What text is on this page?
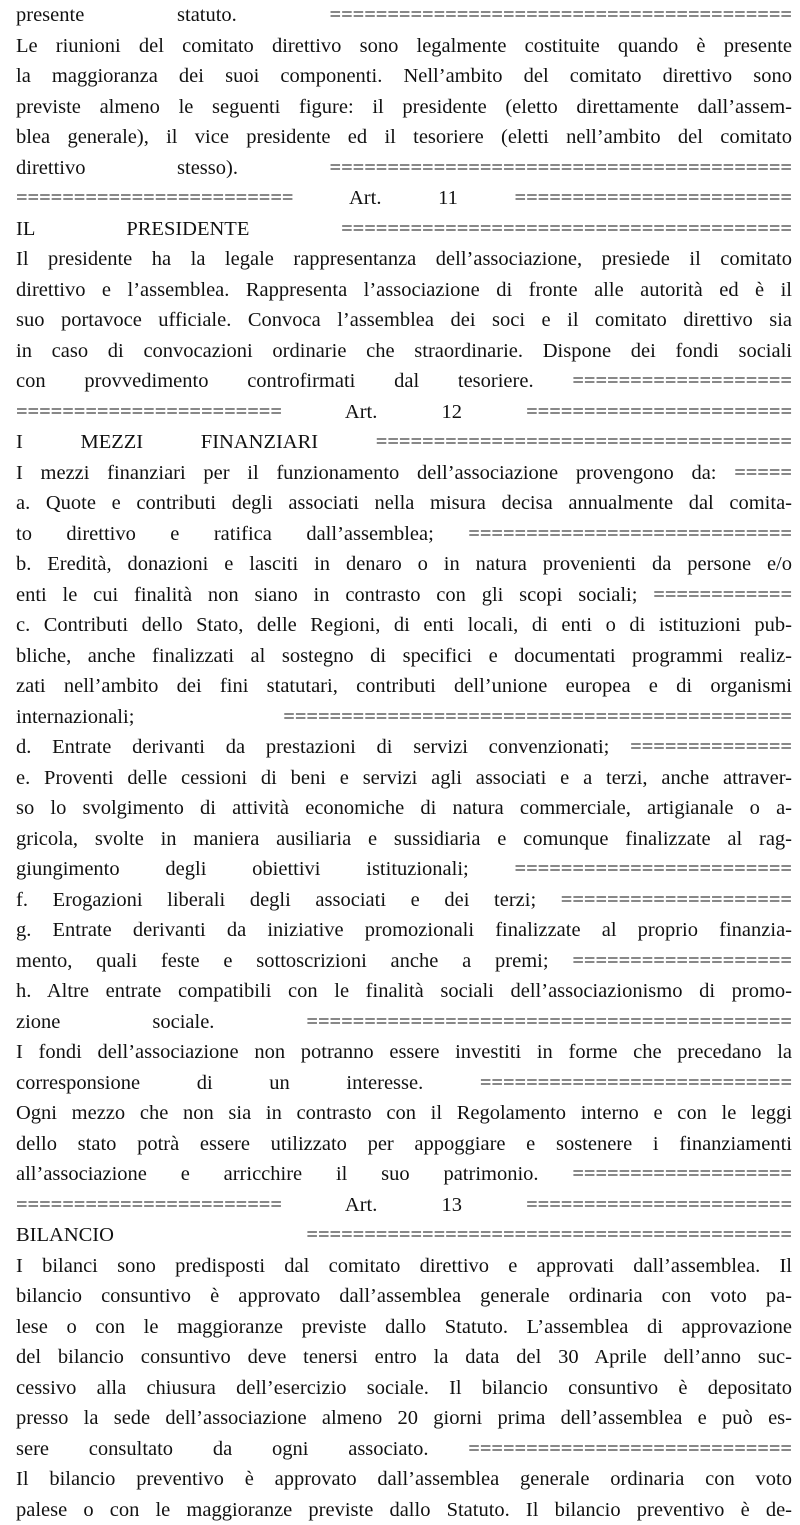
presente statuto. ========================================
Le riunioni del comitato direttivo sono legalmente costituite quando è presente
la maggioranza dei suoi componenti. Nell’ambito del comitato direttivo sono
previste almeno le seguenti figure: il presidente (eletto direttamente dall’assem-
blea generale), il vice presidente ed il tesoriere (eletti nell’ambito del comitato
direttivo stesso). ========================================
======================== Art. 11 ========================
IL PRESIDENTE =======================================
Il presidente ha la legale rappresentanza dell’associazione, presiede il comitato
direttivo e l’assemblea. Rappresenta l’associazione di fronte alle autorità ed è il
suo portavoce ufficiale. Convoca l’assemblea dei soci e il comitato direttivo sia
in caso di convocazioni ordinarie che straordinarie. Dispone dei fondi sociali
con provvedimento controfirmati dal tesoriere. ===================
======================= Art. 12 =======================
I MEZZI FINANZIARI ====================================
I mezzi finanziari per il funzionamento dell’associazione provengono da: =====
a. Quote e contributi degli associati nella misura decisa annualmente dal comita-
to direttivo e ratifica dall’assemblea; ============================
b. Eredità, donazioni e lasciti in denaro o in natura provenienti da persone e/o
enti le cui finalità non siano in contrasto con gli scopi sociali; ============
c. Contributi dello Stato, delle Regioni, di enti locali, di enti o di istituzioni pub-
bliche, anche finalizzati al sostegno di specifici e documentati programmi realiz-
zati nell’ambito dei fini statutari, contributi dell’unione europea e di organismi
internazionali; ============================================
d. Entrate derivanti da prestazioni di servizi convenzionati; ==============
e. Proventi delle cessioni di beni e servizi agli associati e a terzi, anche attraver-
so lo svolgimento di attività economiche di natura commerciale, artigianale o a-
gricola, svolte in maniera ausiliaria e sussidiaria e comunque finalizzate al rag-
giungimento degli obiettivi istituzionali; ========================
f. Erogazioni liberali degli associati e dei terzi; ====================
g. Entrate derivanti da iniziative promozionali finalizzate al proprio finanzia-
mento, quali feste e sottoscrizioni anche a premi; ===================
h. Altre entrate compatibili con le finalità sociali dell’associazionismo di promo-
zione sociale. ==========================================
I fondi dell’associazione non potranno essere investiti in forme che precedano la
corresponsione di un interesse. ===========================
Ogni mezzo che non sia in contrasto con il Regolamento interno e con le leggi
dello stato potrà essere utilizzato per appoggiare e sostenere i finanziamenti
all’associazione e arricchire il suo patrimonio. ===================
======================= Art. 13 =======================
BILANCIO ==========================================
I bilanci sono predisposti dal comitato direttivo e approvati dall’assemblea. Il
bilancio consuntivo è approvato dall’assemblea generale ordinaria con voto pa-
lese o con le maggioranze previste dallo Statuto. L’assemblea di approvazione
del bilancio consuntivo deve tenersi entro la data del 30 Aprile dell’anno suc-
cessivo alla chiusura dell’esercizio sociale. Il bilancio consuntivo è depositato
presso la sede dell’associazione almeno 20 giorni prima dell’assemblea e può es-
sere consultato da ogni associato. ============================
Il bilancio preventivo è approvato dall’assemblea generale ordinaria con voto
palese o con le maggioranze previste dallo Statuto. Il bilancio preventivo è de-
